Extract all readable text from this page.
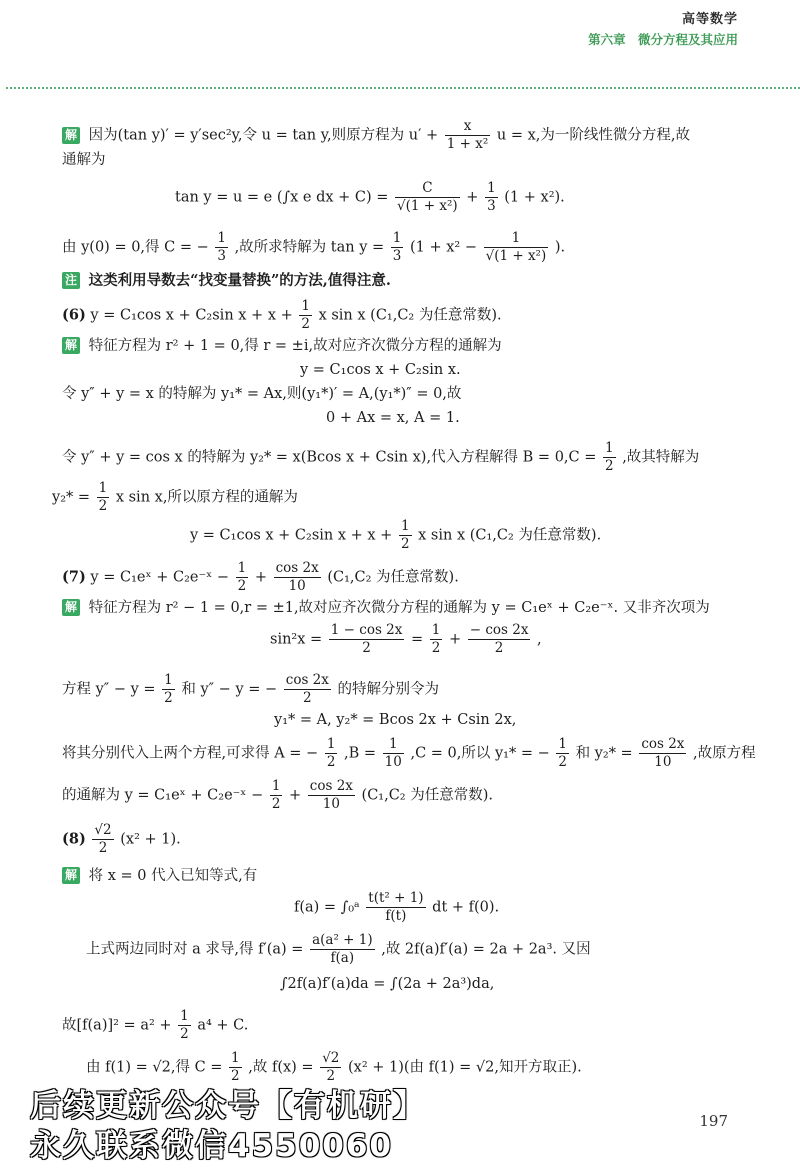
高等数学
第六章 微分方程及其应用
解 因为(tan y)′ = y′sec²y,令 u = tan y,则原方程为 $u' + \frac{x}{\text{1 + x²}}$ u = x,为一阶线性微分方程,故
通解为
tan y = u = e (∫x e dx + $C) = \frac{C}{\text{√(1 + x²)}} + \frac{1}{3} (1 + x^2)$.
由 y(0) = 0,得 C = − $\frac{1}{3}$ ,故所求特解为 $\tan y = \frac{1}{3} (1 + x^2 - \frac{1}{\text{√(1 + x²)}}$ ).
注 这类利用导数去“找变量替换”的方法,值得注意.
(6) y = C₁cos x + C₂sin $x + x + \frac{1}{2}$ x sin x (C₁,C₂ 为任意常数).
解 特征方程为 r² + 1 = 0,得 r = ±i,故对应齐次微分方程的通解为
y = C₁cos x + C₂sin x.
令 y″ + y = x 的特解为 y₁* = Ax,则(y₁*)′ = A,(y₁*)″ = 0,故
0 + Ax = x, A = 1.
令 y″ + y = cos x 的特解为 y₂* = x(Bcos x + Csin x),代入方程解得 $B = 0,C = \frac{1}{2}$ ,故其特解为
$y_2* = \frac{1}{2}$ x sin x,所以原方程的通解为
y = C₁cos x + C₂sin $x + x + \frac{1}{2}$ x sin x (C₁,C₂ 为任意常数).
(7) y = C₁eˣ + C₂e⁻ˣ − $\frac{1}{2} + \frac{\cos 2x}{10} (C_1,C_2$ 为任意常数).
解 特征方程为 r² − 1 = 0,r = ±1,故对应齐次微分方程的通解为 y = C₁eˣ + C₂e⁻ˣ. 又非齐次项为
$\sin^2x = \frac{1 - \cos 2x}{2} = \frac{1}{2} + \frac{- \cos 2x}{2}$ ,
方程 $y'' - y = \frac{1}{2}$ 和 y″ − y = − $\frac{\cos 2x}{2}$ 的特解分别令为
y₁* = A, y₂* = Bcos 2x + Csin 2x,
将其分别代入上两个方程,可求得 A = − $\frac{1}{2} ,B = \frac{1}{10} ,C = 0$,所以 y₁* = − $\frac{1}{2}$ 和 $y_2* = \frac{\cos 2x}{10}$ ,故原方程
的通解为 y = C₁eˣ + C₂e⁻ˣ − $\frac{1}{2} + \frac{\cos 2x}{10} (C_1,C_2$ 为任意常数).
$(8) \frac{√2}{2} (x^2 + 1)$.
解 将 x = 0 代入已知等式,有
f(a) = ∫₀ᵃ $\frac{\text{t(t² + 1)}}{f(t)}$ dt + f(0).
上式两边同时对 a 求导,得 $f'(a) = \frac{\text{a(a² + 1)}}{f(a)}$ ,故 2f(a)f′(a) = 2a + 2a³. 又因
∫2f(a)f′(a)da = ∫(2a + 2a³)da,
故$[f(a)]^2 = a^2 + \frac{1}{2} a^4 + C$.
由 f(1) = √2,得 $C = \frac{1}{2}$ ,故 $f(x) = \frac{√2}{2} (x^2 + 1)$(由 f(1) = √2,知开方取正).
后续更新公众号【有机研】
永久联系微信4550060
197
